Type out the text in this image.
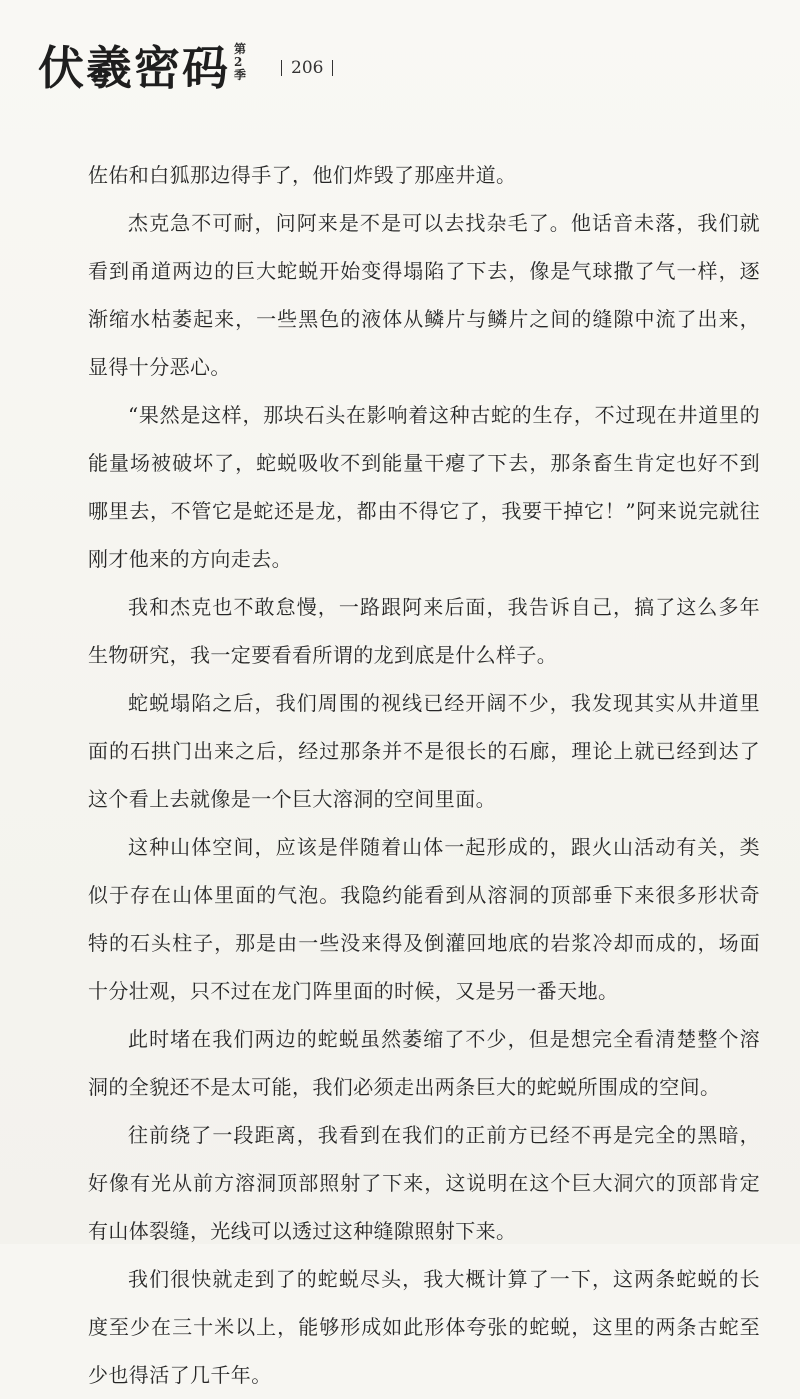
伏羲密码 第
2
季	206

佐佑和白狐那边得手了，他们炸毁了那座井道。

杰克急不可耐，问阿来是不是可以去找杂毛了。他话音未落，我们就看到甬道两边的巨大蛇蜕开始变得塌陷了下去，像是气球撒了气一样，逐渐缩水枯萎起来，一些黑色的液体从鳞片与鳞片之间的缝隙中流了出来，显得十分恶心。

“果然是这样，那块石头在影响着这种古蛇的生存，不过现在井道里的能量场被破坏了，蛇蜕吸收不到能量干瘪了下去，那条畜生肯定也好不到哪里去，不管它是蛇还是龙，都由不得它了，我要干掉它！”阿来说完就往刚才他来的方向走去。

我和杰克也不敢怠慢，一路跟阿来后面，我告诉自己，搞了这么多年生物研究，我一定要看看所谓的龙到底是什么样子。

蛇蜕塌陷之后，我们周围的视线已经开阔不少，我发现其实从井道里面的石拱门出来之后，经过那条并不是很长的石廊，理论上就已经到达了这个看上去就像是一个巨大溶洞的空间里面。

这种山体空间，应该是伴随着山体一起形成的，跟火山活动有关，类似于存在山体里面的气泡。我隐约能看到从溶洞的顶部垂下来很多形状奇特的石头柱子，那是由一些没来得及倒灌回地底的岩浆冷却而成的，场面十分壮观，只不过在龙门阵里面的时候，又是另一番天地。

此时堵在我们两边的蛇蜕虽然萎缩了不少，但是想完全看清楚整个溶洞的全貌还不是太可能，我们必须走出两条巨大的蛇蜕所围成的空间。

往前绕了一段距离，我看到在我们的正前方已经不再是完全的黑暗，好像有光从前方溶洞顶部照射了下来，这说明在这个巨大洞穴的顶部肯定有山体裂缝，光线可以透过这种缝隙照射下来。

我们很快就走到了的蛇蜕尽头，我大概计算了一下，这两条蛇蜕的长度至少在三十米以上，能够形成如此形体夸张的蛇蜕，这里的两条古蛇至少也得活了几千年。
